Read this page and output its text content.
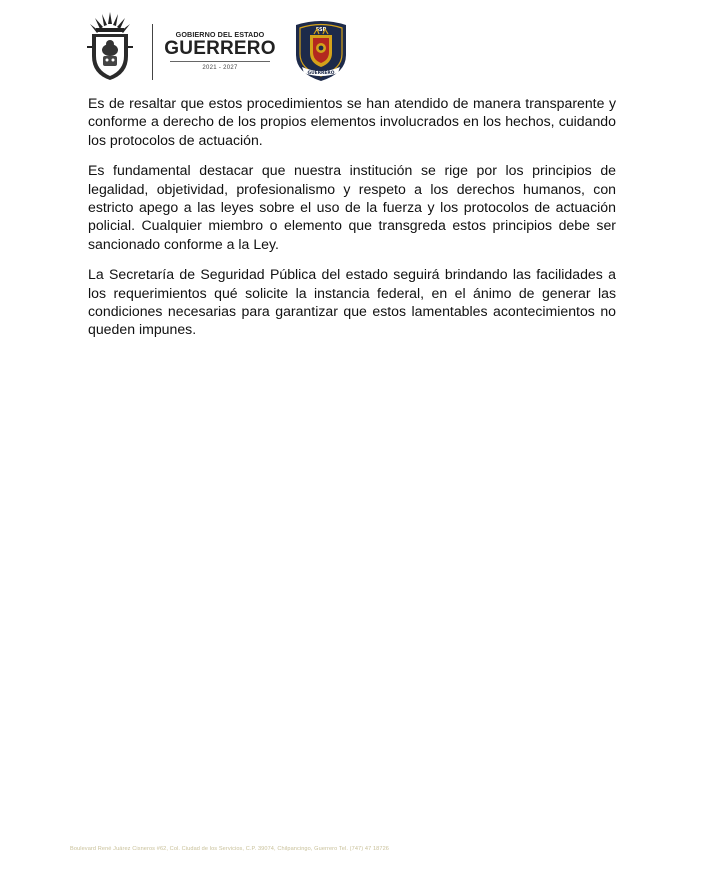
GOBIERNO DEL ESTADO
GUERRERO
2021 - 2027
SSP
GUERRERO

Es de resaltar que estos procedimientos se han atendido de manera transparente y conforme a derecho de los propios elementos involucrados en los hechos, cuidando los protocolos de actuación.

Es fundamental destacar que nuestra institución se rige por los principios de legalidad, objetividad, profesionalismo y respeto a los derechos humanos, con estricto apego a las leyes sobre el uso de la fuerza y los protocolos de actuación policial. Cualquier miembro o elemento que transgreda estos principios debe ser sancionado conforme a la Ley.

La Secretaría de Seguridad Pública del estado seguirá brindando las facilidades a los requerimientos qué solicite la instancia federal, en el ánimo de generar las condiciones necesarias para garantizar que estos lamentables acontecimientos no queden impunes.

Boulevard René Juárez Cisneros #62, Col. Ciudad de los Servicios, C.P. 39074, Chilpancingo, Guerrero Tel. (747) 47 18726
